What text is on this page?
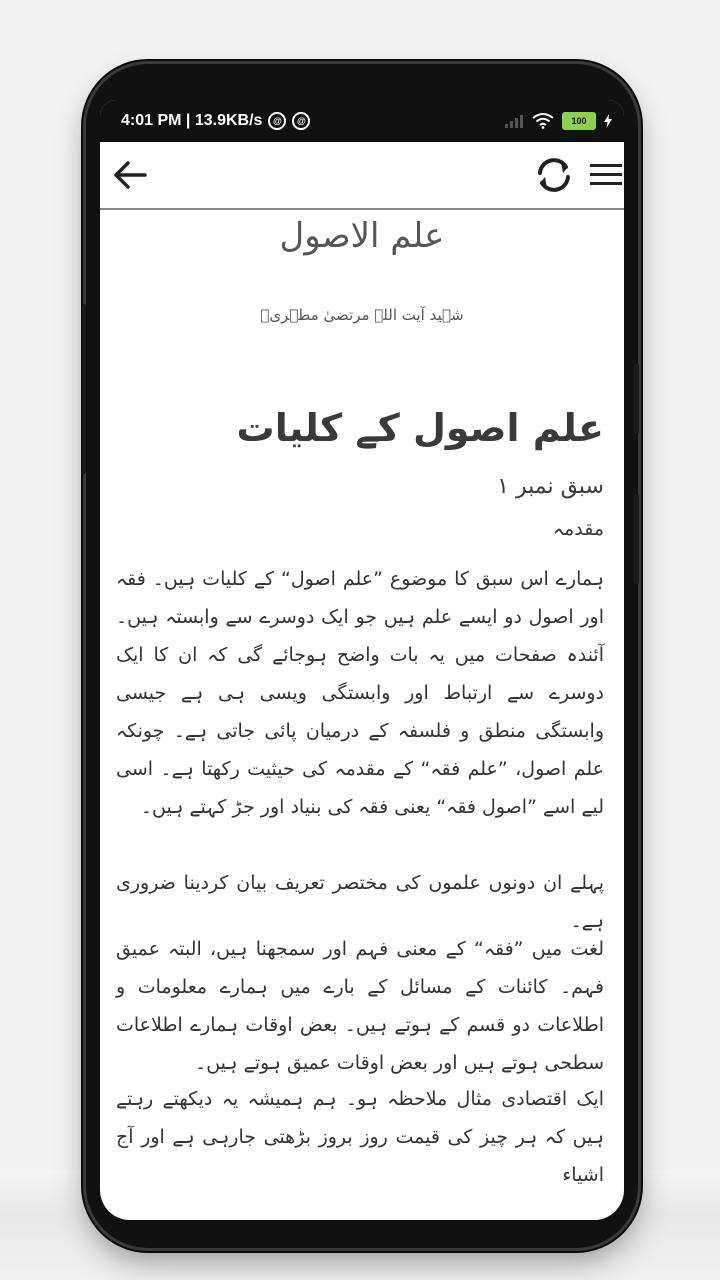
4:01 PM | 13.9KB/s	@	@	100
علم الاصول
شہید آیت اللہ مرتضیٰ مطہریؒ
علم اصول کے کلیات
سبق نمبر ۱
مقدمہ
ہمارے اس سبق کا موضوع ”علم اصول“ کے کلیات ہیں۔ فقہ اور اصول دو ایسے علم ہیں جو ایک دوسرے سے وابستہ ہیں۔ آئندہ صفحات میں یہ بات واضح ہوجائے گی کہ ان کا ایک دوسرے سے ارتباط اور وابستگی ویسی ہی ہے جیسی وابستگی منطق و فلسفہ کے درمیان پائی جاتی ہے۔ چونکہ علم اصول، ”علم فقہ“ کے مقدمہ کی حیثیت رکھتا ہے۔ اسی لیے اسے ”اصول فقہ“ یعنی فقہ کی بنیاد اور جڑ کہتے ہیں۔
پہلے ان دونوں علموں کی مختصر تعریف بیان کردینا ضروری ہے۔
لغت میں ”فقہ“ کے معنی فہم اور سمجھنا ہیں، البتہ عمیق فہم۔ کائنات کے مسائل کے بارے میں ہمارے معلومات و اطلاعات دو قسم کے ہوتے ہیں۔ بعض اوقات ہمارے اطلاعات سطحی ہوتے ہیں اور بعض اوقات عمیق ہوتے ہیں۔
ایک اقتصادی مثال ملاحظہ ہو۔ ہم ہمیشہ یہ دیکھتے رہتے ہیں کہ ہر چیز کی قیمت روز بروز بڑھتی جارہی ہے اور آج اشیاء
